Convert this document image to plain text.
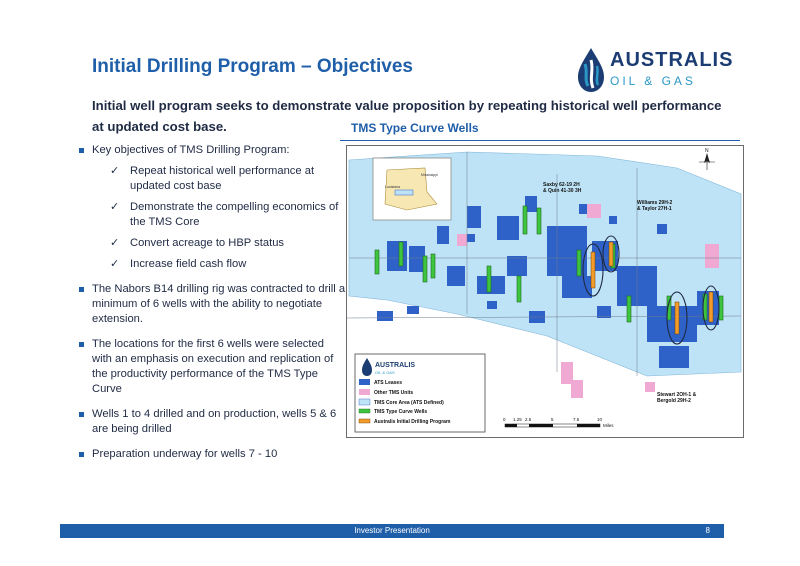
Initial Drilling Program – Objectives	AUSTRALIS
OIL & GAS
Initial well program seeks to demonstrate value proposition by repeating historical well performance at updated cost base.	TMS Type Curve Wells
Key objectives of TMS Drilling Program:
✓ Repeat historical well performance at updated cost base
✓ Demonstrate the compelling economics of the TMS Core
✓ Convert acreage to HBP status
✓ Increase field cash flow
The Nabors B14 drilling rig was contracted to drill a minimum of 6 wells with the ability to negotiate extension.
The locations for the first 6 wells were selected with an emphasis on execution and replication of the productivity performance of the TMS Type Curve
Wells 1 to 4 drilled and on production, wells 5 & 6 are being drilled
Preparation underway for wells 7 - 10
Mississippi
Louisiana
N
Saxby 62-19 2H
& Quin 41-30 3H
Williams 29H-2
& Taylor 27H-1
Stewart 2OH-1 &
Bergold 29H-2
AUSTRALIS
OIL & GAS
ATS Leases
Other TMS Units
TMS Core Area (ATS Defined)
TMS Type Curve Wells
Australis Initial Drilling Program	0 1.25 2.5	5	7.5	10
Miles
Investor Presentation	8
